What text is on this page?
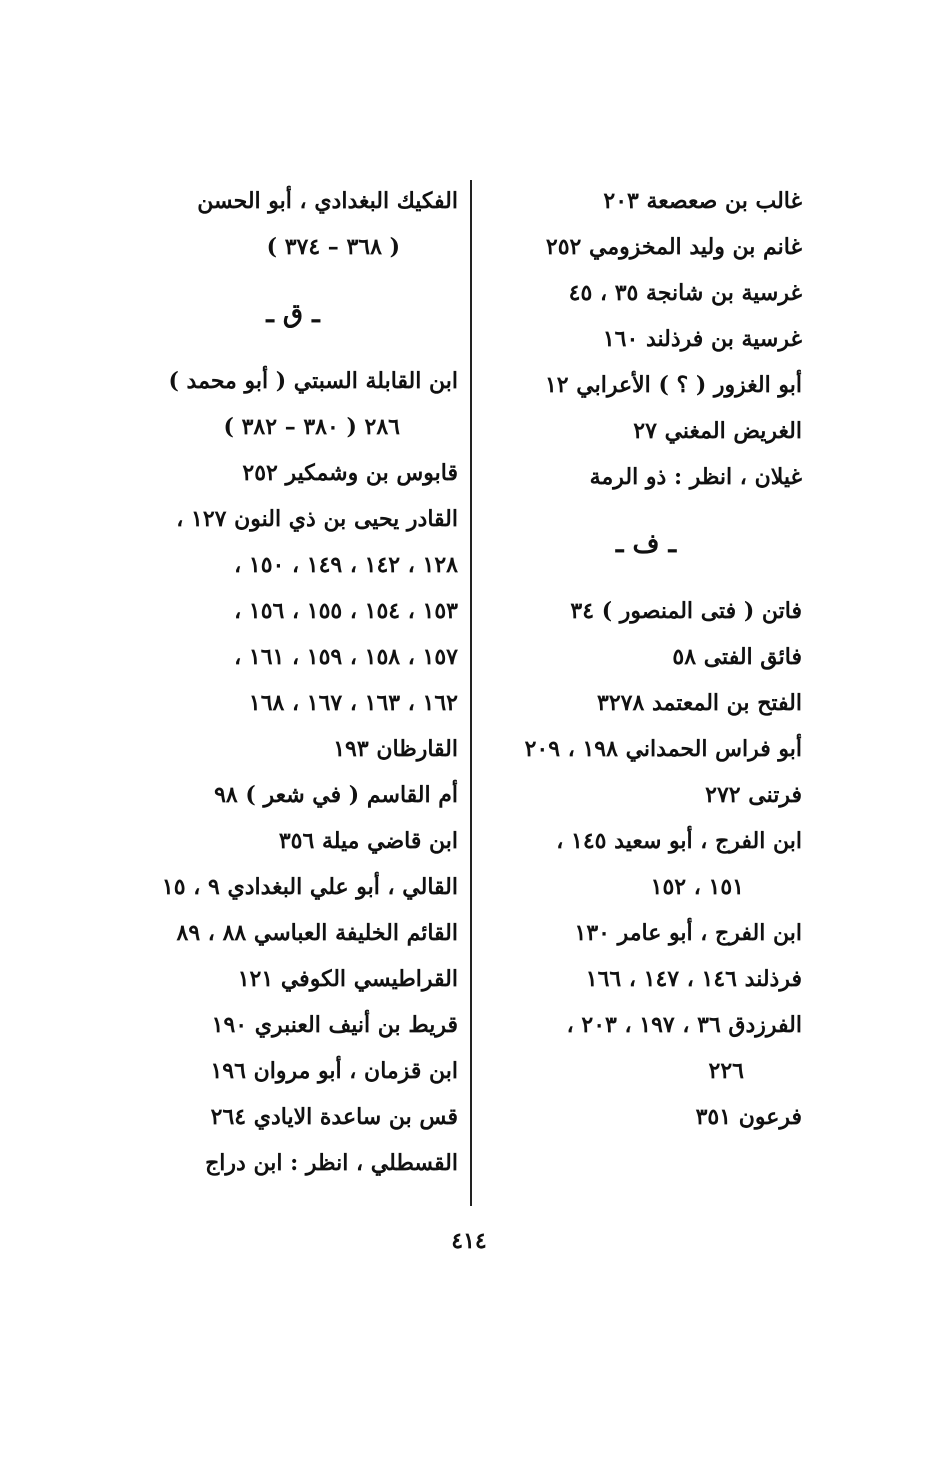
غالب بن صعصعة ٢٠٣
غانم بن وليد المخزومي ٢٥٢
غرسية بن شانجة ٣٥ ، ٤٥
غرسية بن فرذلند ١٦٠
أبو الغزور ( ؟ ) الأعرابي ١٢
الغريض المغني ٢٧
غيلان ، انظر : ذو الرمة
ـ ف ـ
فاتن ( فتى المنصور ) ٣٤
فائق الفتى ٥٨
الفتح بن المعتمد ٣٢٧٨
أبو فراس الحمداني ١٩٨ ، ٢٠٩
فرتنى ٢٧٢
ابن الفرج ، أبو سعيد ١٤٥ ،
١٥١ ، ١٥٢
ابن الفرج ، أبو عامر ١٣٠
فرذلند ١٤٦ ، ١٤٧ ، ١٦٦
الفرزدق ٣٦ ، ١٩٧ ، ٢٠٣ ،
٢٢٦
فرعون ٣٥١
الفكيك البغدادي ، أبو الحسن
( ٣٦٨ – ٣٧٤ )
ـ ق ـ
ابن القابلة السبتي ( أبو محمد )
٢٨٦ ( ٣٨٠ – ٣٨٢ )
قابوس بن وشمكير ٢٥٢
القادر يحيى بن ذي النون ١٢٧ ،
١٢٨ ، ١٤٢ ، ١٤٩ ، ١٥٠ ،
١٥٣ ، ١٥٤ ، ١٥٥ ، ١٥٦ ،
١٥٧ ، ١٥٨ ، ١٥٩ ، ١٦١ ،
١٦٢ ، ١٦٣ ، ١٦٧ ، ١٦٨
القارظان ١٩٣
أم القاسم ( في شعر ) ٩٨
ابن قاضي ميلة ٣٥٦
القالي ، أبو علي البغدادي ٩ ، ١٥
القائم الخليفة العباسي ٨٨ ، ٨٩
القراطيسي الكوفي ١٢١
قريط بن أنيف العنبري ١٩٠
ابن قزمان ، أبو مروان ١٩٦
قس بن ساعدة الايادي ٢٦٤
القسطلي ، انظر : ابن دراج
٤١٤
